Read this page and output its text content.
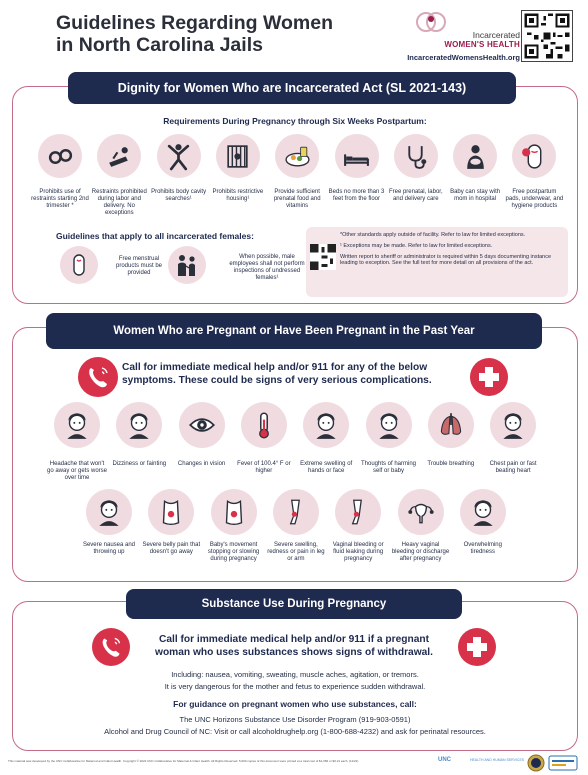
Guidelines Regarding Women
in North Carolina Jails	Incarcerated
WOMEN'S HEALTH
IncarceratedWomensHealth.org
Dignity for Women Who are Incarcerated Act (SL 2021-143)
Requirements During Pregnancy through Six Weeks Postpartum:
Prohibits use of restraints starting 2nd trimester *
Restraints prohibited during labor and delivery. No exceptions
Prohibits body cavity searches¹
Prohibits restrictive housing¹
Provide sufficient prenatal food and vitamins
Beds no more than 3 feet from the floor
Free prenatal, labor, and delivery care
Baby can stay with mom in hospital
Free postpartum pads, underwear, and hygiene products
Guidelines that apply to all incarcerated females:
Free menstrual products must be provided
When possible, male employees shall not perform inspections of undressed females¹

*Other standards apply outside of facility. Refer to law for limited exceptions.

¹ Exceptions may be made. Refer to law for limited exceptions.

Written report to sheriff or administrator is required within 5 days documenting instance leading to exception. See the full text for more detail on all provisions of the act.

Women Who are Pregnant or Have Been Pregnant in the Past Year
Call for immediate medical help and/or 911 for any of the below
symptoms. These could be signs of very serious complications.
Headache that won't go away or gets worse over time
Dizziness or fainting	Changes in vision	Fever of 100.4° F or higher
Extreme swelling of hands or face
Thoughts of harming self or baby
Trouble breathing	Chest pain or fast beating heart
Severe nausea and throwing up
Severe belly pain that doesn't go away
Baby's movement stopping or slowing during pregnancy
Severe swelling, redness or pain in leg or arm
Vaginal bleeding or fluid leaking during pregnancy
Heavy vaginal bleeding or discharge after pregnancy
Overwhelming tiredness
Substance Use During Pregnancy
Call for immediate medical help and/or 911 if a pregnant
woman who uses substances shows signs of withdrawal.
Including: nausea, vomiting, sweating, muscle aches, agitation, or tremors.
It is very dangerous for the mother and fetus to experience sudden withdrawal.
For guidance on pregnant women who use substances, call:
The UNC Horizons Substance Use Disorder Program (919-903-0591)
Alcohol and Drug Council of NC: Visit or call alcoholdrughelp.org (1-800-688-4232) and ask for perinatal resources.
This material was developed by the UNC Collaborative for Maternal and Infant Health. Copyright © 2022 UNC Collaborative for Maternal & Infant Health. All Rights Reserved. 5,000 copies of this document were printed at a total cost of $1,066 or $0.21 each. (11/22)	UNC	HEALTH AND HUMAN SERVICES
